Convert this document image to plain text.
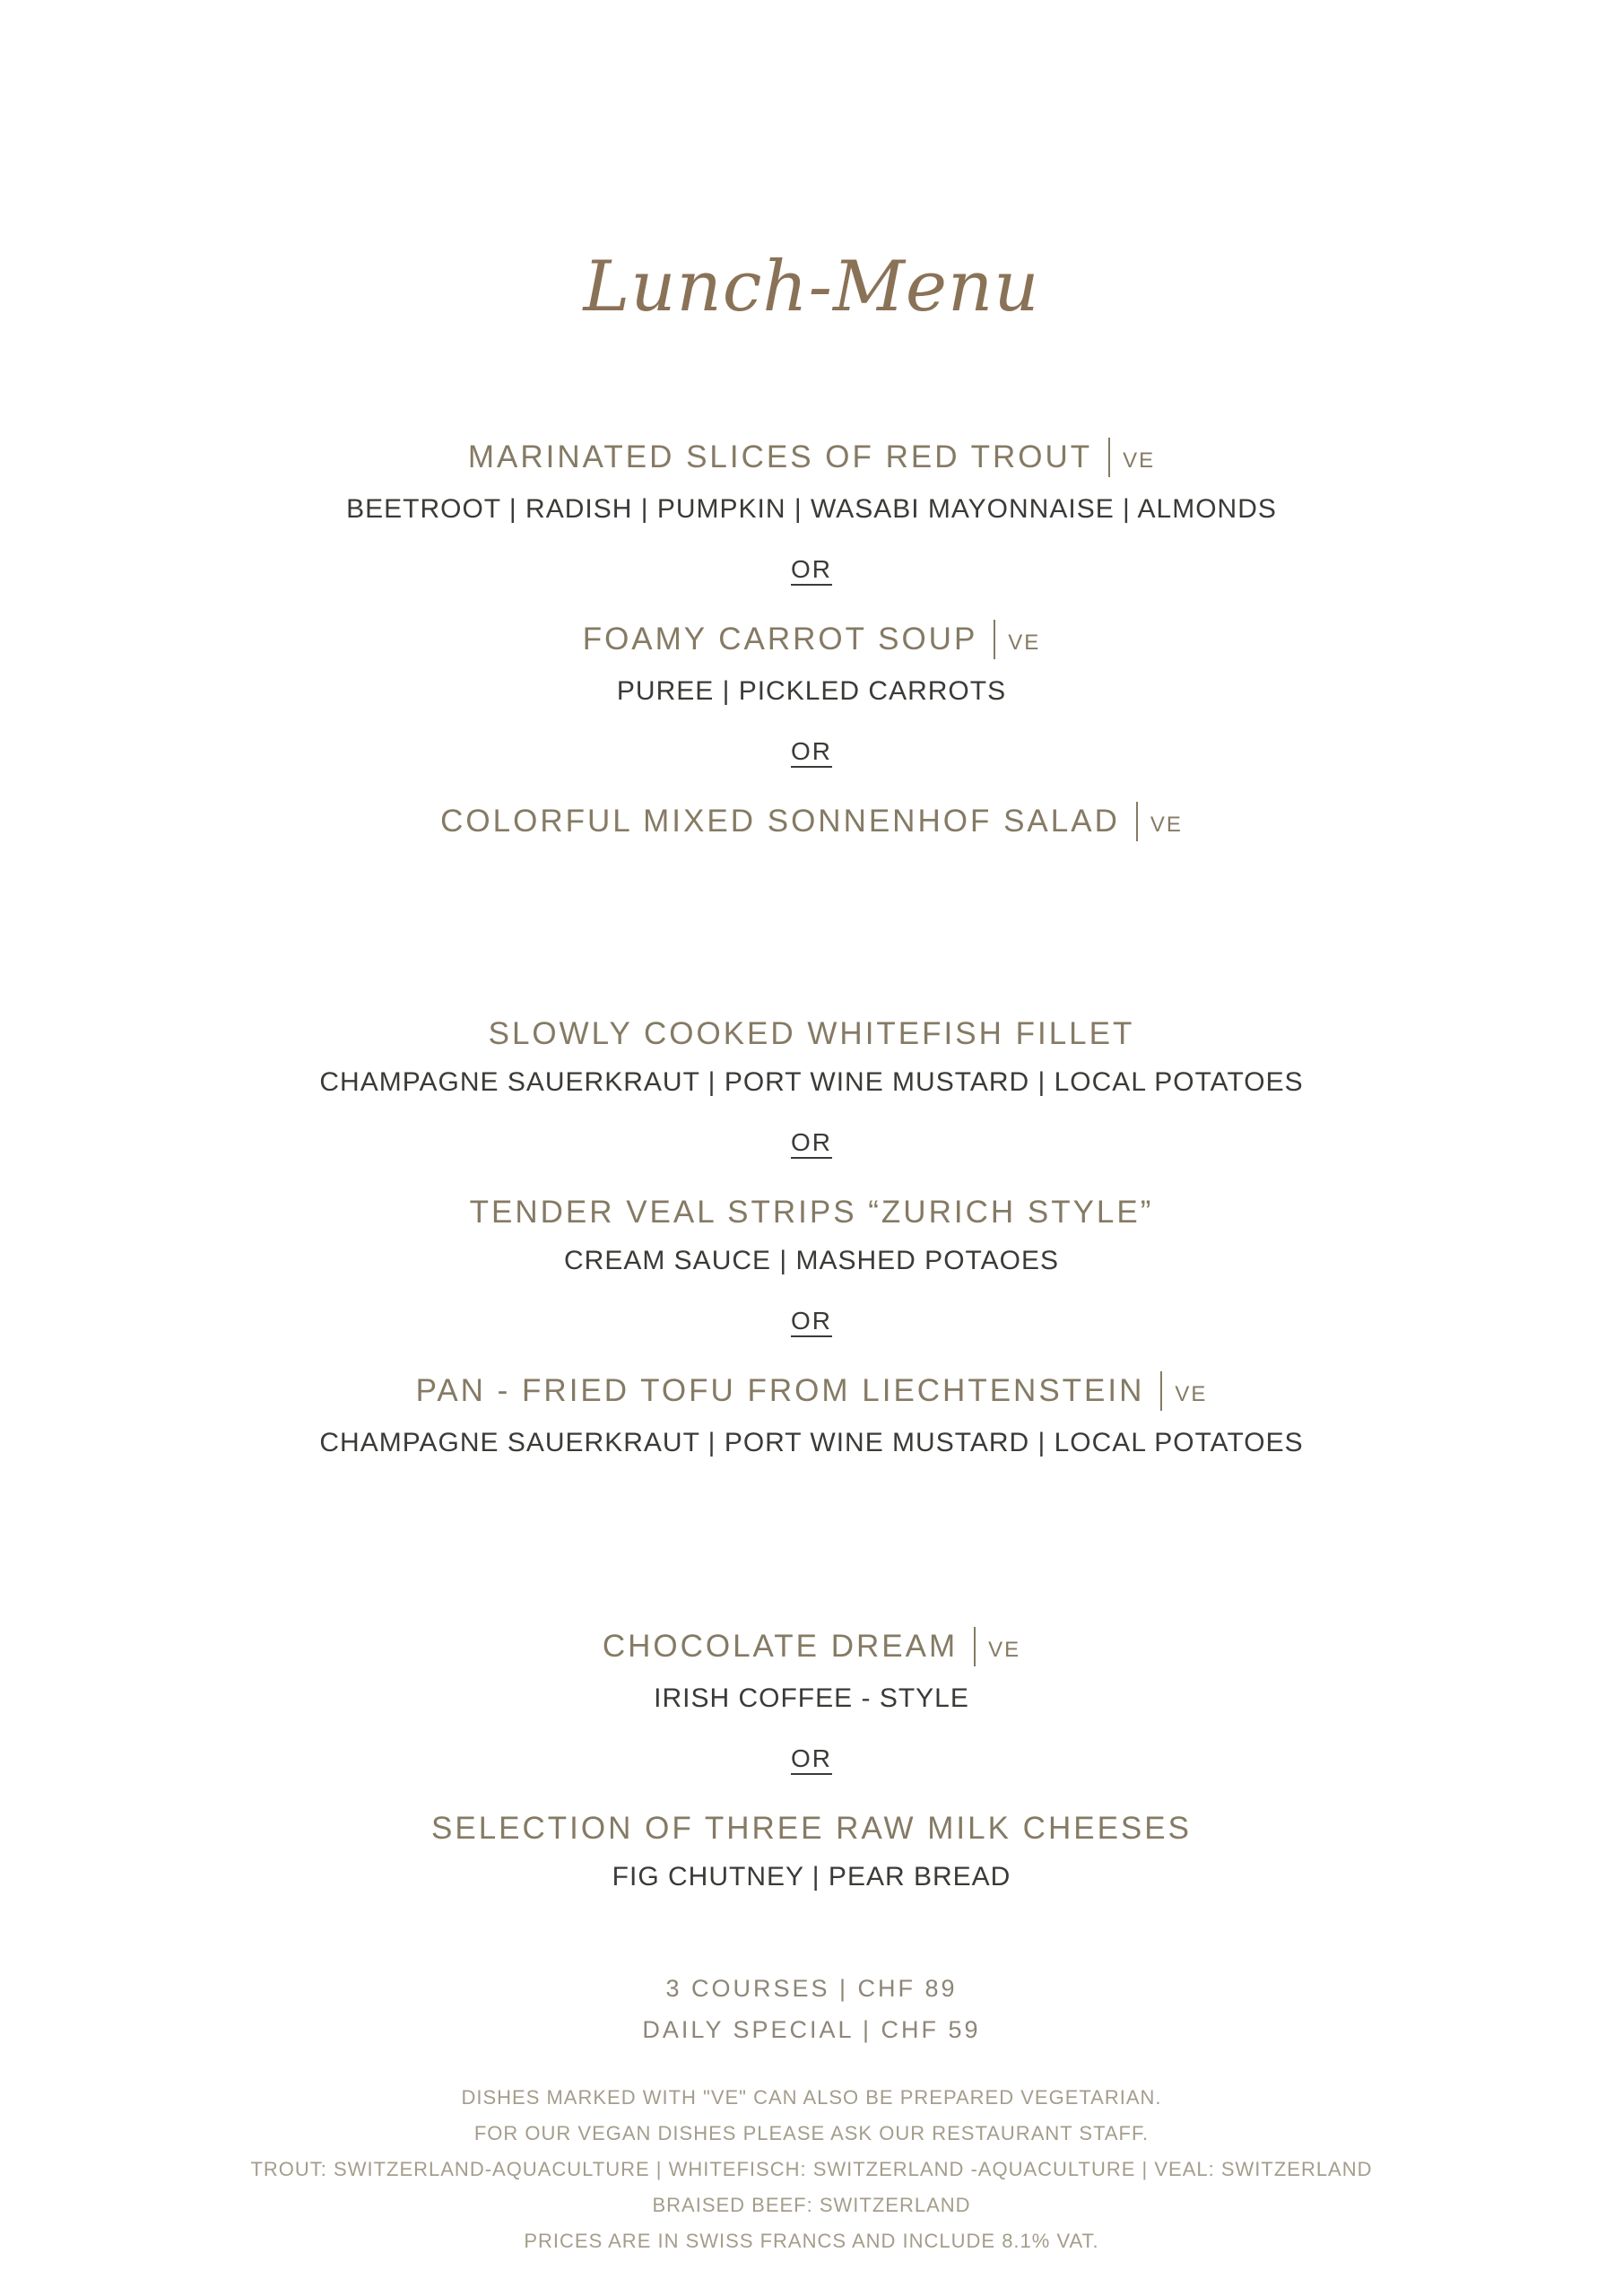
Lunch-Menu
MARINATED SLICES OF RED TROUT VE

BEETROOT | RADISH | PUMPKIN | WASABI MAYONNAISE | ALMONDS

OR
FOAMY CARROT SOUP VE

PUREE | PICKLED CARROTS

OR
COLORFUL MIXED SONNENHOF SALAD VE
SLOWLY COOKED WHITEFISH FILLET

CHAMPAGNE SAUERKRAUT | PORT WINE MUSTARD | LOCAL POTATOES

OR
TENDER VEAL STRIPS “ZURICH STYLE”

CREAM SAUCE | MASHED POTAOES

OR
PAN - FRIED TOFU FROM LIECHTENSTEIN VE

CHAMPAGNE SAUERKRAUT | PORT WINE MUSTARD | LOCAL POTATOES

CHOCOLATE DREAM VE

IRISH COFFEE - STYLE

OR
SELECTION OF THREE RAW MILK CHEESES

FIG CHUTNEY | PEAR BREAD

3 COURSES | CHF 89

DAILY SPECIAL | CHF 59

DISHES MARKED WITH "VE" CAN ALSO BE PREPARED VEGETARIAN.

FOR OUR VEGAN DISHES PLEASE ASK OUR RESTAURANT STAFF.

TROUT: SWITZERLAND-AQUACULTURE | WHITEFISCH: SWITZERLAND -AQUACULTURE | VEAL: SWITZERLAND

BRAISED BEEF: SWITZERLAND

PRICES ARE IN SWISS FRANCS AND INCLUDE 8.1% VAT.
